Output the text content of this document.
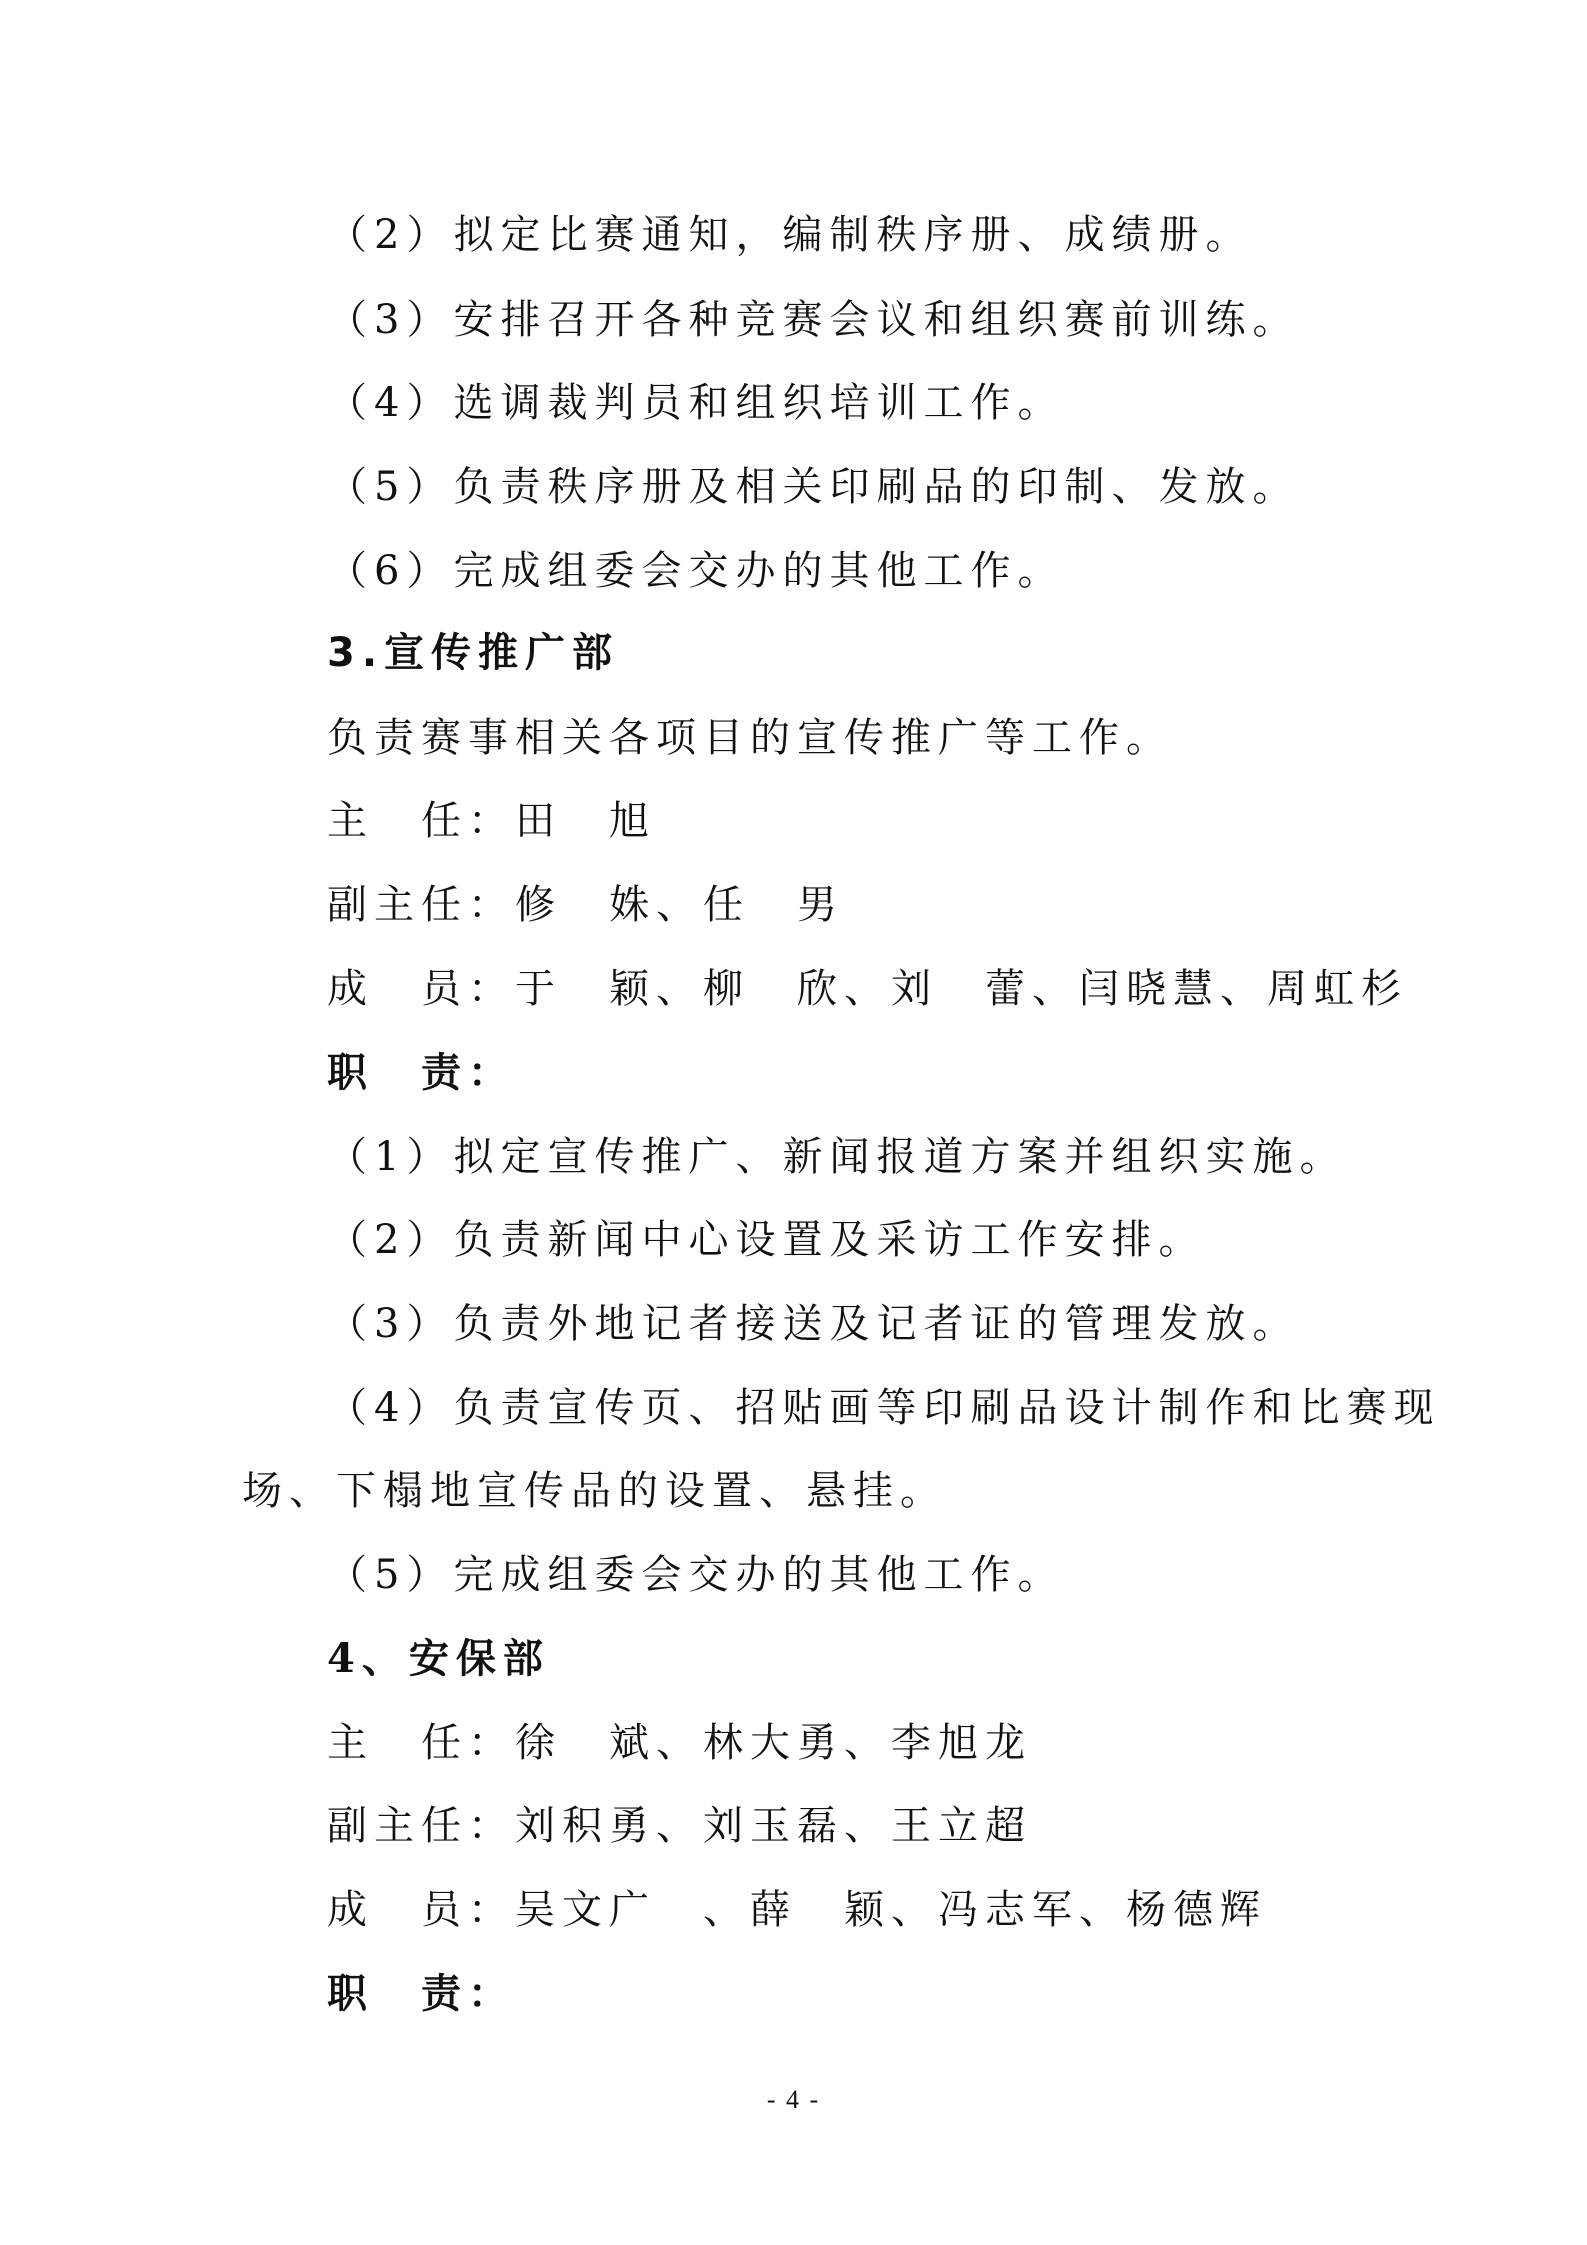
（2）拟定比赛通知，编制秩序册、成绩册。
（3）安排召开各种竞赛会议和组织赛前训练。
（4）选调裁判员和组织培训工作。
（5）负责秩序册及相关印刷品的印制、发放。
（6）完成组委会交办的其他工作。
3.宣传推广部
负责赛事相关各项目的宣传推广等工作。
主　任：田　旭
副主任：修　姝、任　男
成　员：于　颖、柳　欣、刘　蕾、闫晓慧、周虹杉
职　责：
（1）拟定宣传推广、新闻报道方案并组织实施。
（2）负责新闻中心设置及采访工作安排。
（3）负责外地记者接送及记者证的管理发放。
（4）负责宣传页、招贴画等印刷品设计制作和比赛现
场、下榻地宣传品的设置、悬挂。
（5）完成组委会交办的其他工作。
4、安保部
主　任：徐　斌、林大勇、李旭龙
副主任：刘积勇、刘玉磊、王立超
成　员：吴文广　、薛　颖、冯志军、杨德辉
职　责：
- 4 -
